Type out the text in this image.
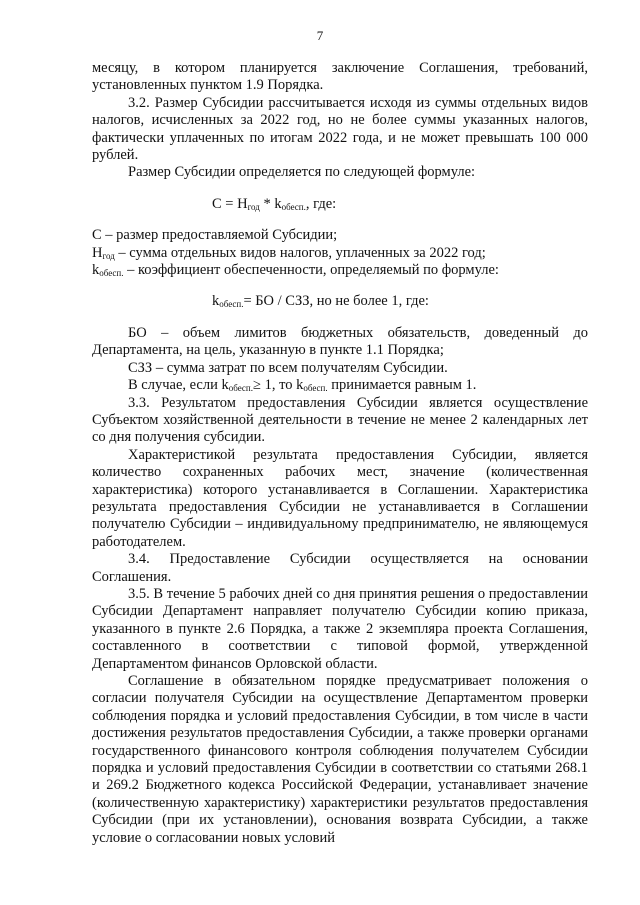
7

месяцу, в котором планируется заключение Соглашения, требований, установленных пунктом 1.9 Порядка.

3.2. Размер Субсидии рассчитывается исходя из суммы отдельных видов налогов, исчисленных за 2022 год, но не более суммы указанных налогов, фактически уплаченных по итогам 2022 года, и не может превышать 100 000 рублей.

Размер Субсидии определяется по следующей формуле:

$С = Н_{год} * k_{обесп.}$, где:

С – размер предоставляемой Субсидии;

$Н_{год}$ – сумма отдельных видов налогов, уплаченных за 2022 год;

$k_{обесп.}$ – коэффициент обеспеченности, определяемый по формуле:

$k_{обесп.}=$ БО / СЗЗ, но не более 1, где:

БО – объем лимитов бюджетных обязательств, доведенный до Департамента, на цель, указанную в пункте 1.1 Порядка;

СЗЗ – сумма затрат по всем получателям Субсидии.

В случае, если $k_{обесп.}\ge 1$, то $k_{обесп.}$ принимается равным 1.

3.3. Результатом предоставления Субсидии является осуществление Субъектом хозяйственной деятельности в течение не менее 2 календарных лет со дня получения субсидии.

Характеристикой результата предоставления Субсидии, является количество сохраненных рабочих мест, значение (количественная характеристика) которого устанавливается в Соглашении. Характеристика результата предоставления Субсидии не устанавливается в Соглашении получателю Субсидии – индивидуальному предпринимателю, не являющемуся работодателем.

3.4. Предоставление Субсидии осуществляется на основании Соглашения.

3.5. В течение 5 рабочих дней со дня принятия решения о предоставлении Субсидии Департамент направляет получателю Субсидии копию приказа, указанного в пункте 2.6 Порядка, а также 2 экземпляра проекта Соглашения, составленного в соответствии с типовой формой, утвержденной Департаментом финансов Орловской области.

Соглашение в обязательном порядке предусматривает положения о согласии получателя Субсидии на осуществление Департаментом проверки соблюдения порядка и условий предоставления Субсидии, в том числе в части достижения результатов предоставления Субсидии, а также проверки органами государственного финансового контроля соблюдения получателем Субсидии порядка и условий предоставления Субсидии в соответствии со статьями 268.1 и 269.2 Бюджетного кодекса Российской Федерации, устанавливает значение (количественную характеристику) характеристики результатов предоставления Субсидии (при их установлении), основания возврата Субсидии, а также условие о согласовании новых условий
